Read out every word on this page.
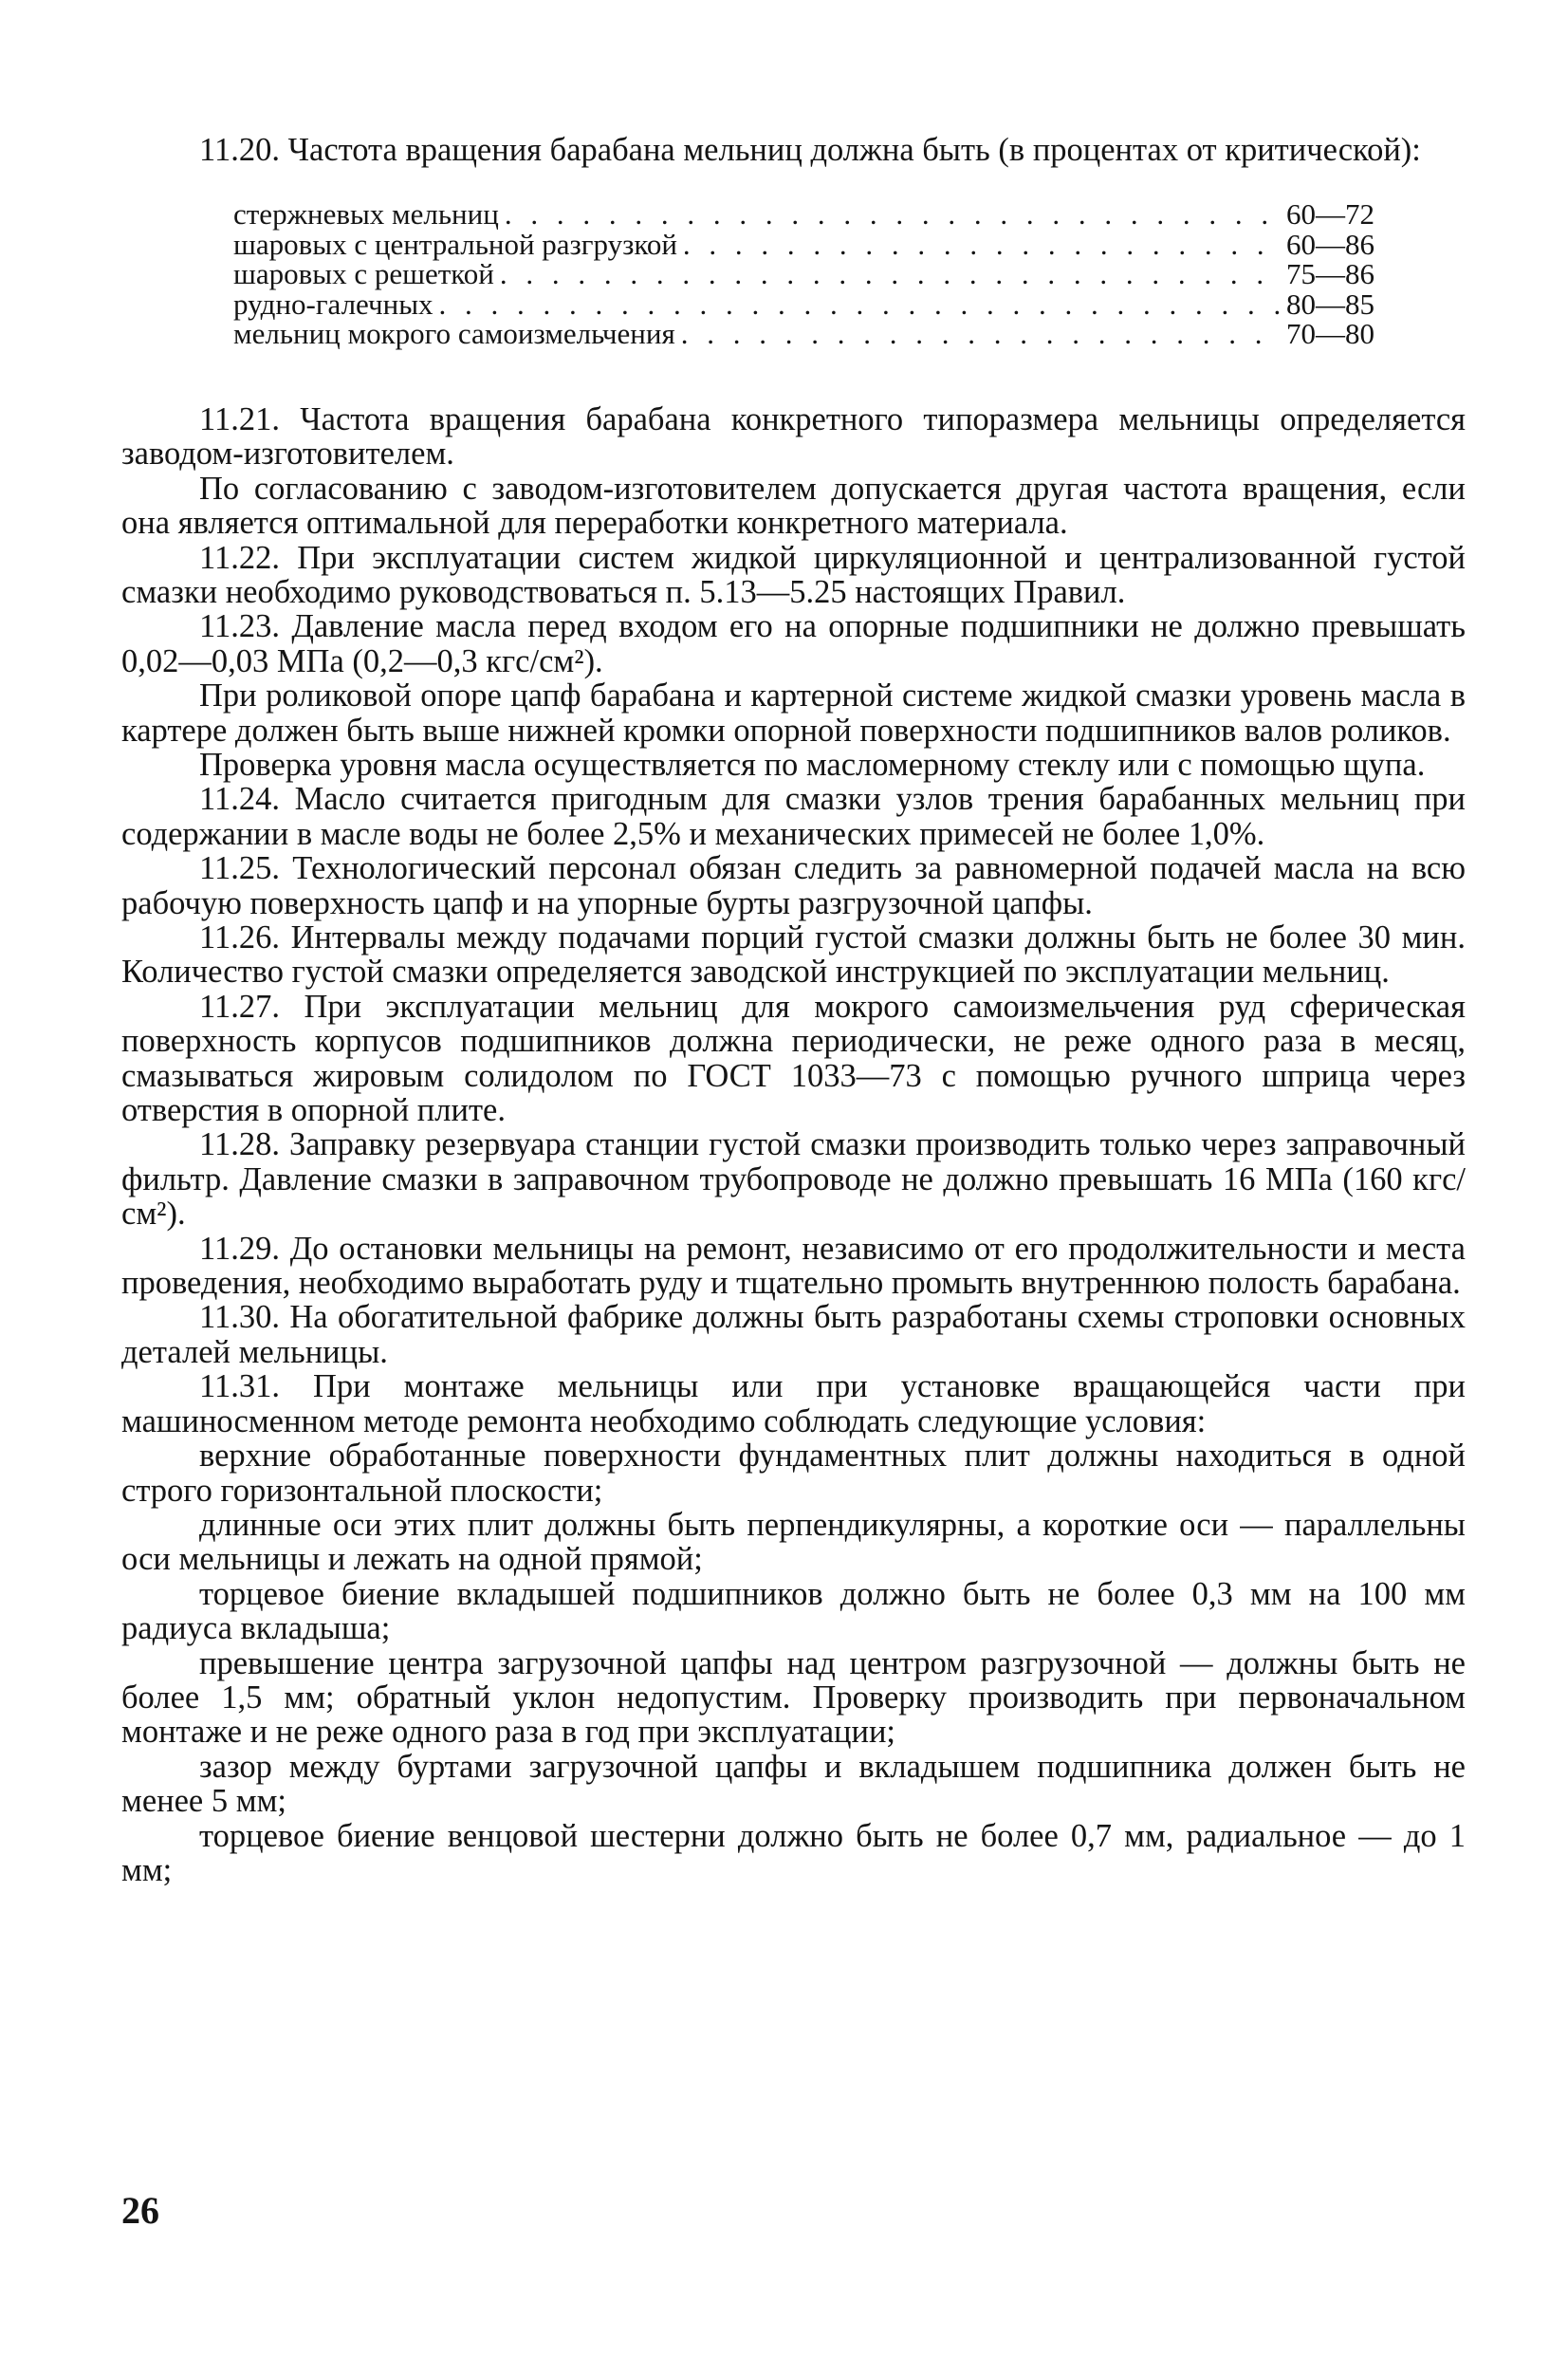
11.20. Частота вращения барабана мельниц должна быть (в процентах от критической):

стержневых мельниц . . .	60—72
шаровых с центральной разгрузкой . . .	60—86
шаровых с решеткой . . .	75—86
рудно-галечных . . .	80—85
мельниц мокрого самоизмельчения . . .	70—80

11.21. Частота вращения барабана конкретного типоразмера мельницы определяется заводом-изготовителем.

По согласованию с заводом-изготовителем допускается другая частота вращения, если она является оптимальной для переработки конкретного материала.

11.22. При эксплуатации систем жидкой циркуляционной и централизованной густой смазки необходимо руководствоваться п. 5.13—5.25 настоящих Правил.

11.23. Давление масла перед входом его на опорные подшипники не должно превышать 0,02—0,03 МПа (0,2—0,3 кгс/см²).

При роликовой опоре цапф барабана и картерной системе жидкой смазки уровень масла в картере должен быть выше нижней кромки опорной поверхности подшипников валов роликов.

Проверка уровня масла осуществляется по масломерному стеклу или с помощью щупа.

11.24. Масло считается пригодным для смазки узлов трения барабанных мельниц при содержании в масле воды не более 2,5% и механических примесей не более 1,0%.

11.25. Технологический персонал обязан следить за равномерной подачей масла на всю рабочую поверхность цапф и на упорные бурты разгрузочной цапфы.

11.26. Интервалы между подачами порций густой смазки должны быть не более 30 мин. Количество густой смазки определяется заводской инструкцией по эксплуатации мельниц.

11.27. При эксплуатации мельниц для мокрого самоизмельчения руд сферическая поверхность корпусов подшипников должна периодически, не реже одного раза в месяц, смазываться жировым солидолом по ГОСТ 1033—73 с помощью ручного шприца через отверстия в опорной плите.

11.28. Заправку резервуара станции густой смазки производить только через заправочный фильтр. Давление смазки в заправочном трубопроводе не должно превышать 16 МПа (160 кгс/см²).

11.29. До остановки мельницы на ремонт, независимо от его продолжительности и места проведения, необходимо выработать руду и тщательно промыть внутреннюю полость барабана.

11.30. На обогатительной фабрике должны быть разработаны схемы строповки основных деталей мельницы.

11.31. При монтаже мельницы или при установке вращающейся части при машиносменном методе ремонта необходимо соблюдать следующие условия:

верхние обработанные поверхности фундаментных плит должны находиться в одной строго горизонтальной плоскости;

длинные оси этих плит должны быть перпендикулярны, а короткие оси — параллельны оси мельницы и лежать на одной прямой;

торцевое биение вкладышей подшипников должно быть не более 0,3 мм на 100 мм радиуса вкладыша;

превышение центра загрузочной цапфы над центром разгрузочной — должны быть не более 1,5 мм; обратный уклон недопустим. Проверку производить при первоначальном монтаже и не реже одного раза в год при эксплуатации;

зазор между буртами загрузочной цапфы и вкладышем подшипника должен быть не менее 5 мм;

торцевое биение венцовой шестерни должно быть не более 0,7 мм, радиальное — до 1 мм;

26
